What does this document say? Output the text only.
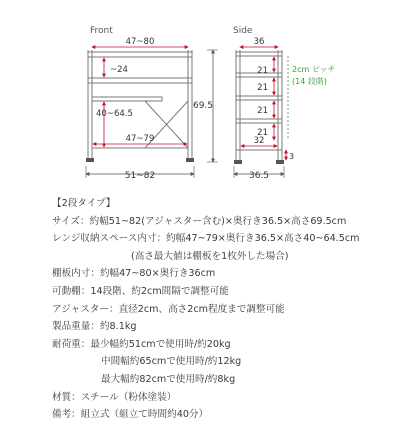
Front
47~80
~24
40~64.5
47~79
51~82
69.5
Side
36
21
21
21
21
2cm ピッチ
(14 段階)
32
3
36.5
【2段タイプ】
サイズ：約幅51~82(アジャスター含む)×奥行き36.5×高さ69.5cm
レンジ収納スペース内寸：約幅47~79×奥行き36.5×高さ40~64.5cm
(高さ最大値は棚板を1枚外した場合)
棚板内寸：約幅47~80×奥行き36cm
可動棚：14段階、約2cm間隔で調整可能
アジャスター：直径2cm、高さ2cm程度まで調整可能
製品重量：約8.1kg
耐荷重：最少幅約51cmで使用時/約20kg
中間幅約65cmで使用時/約12kg
最大幅約82cmで使用時/約8kg
材質：スチール（粉体塗装）
備考：組立式（組立て時間約40分）
